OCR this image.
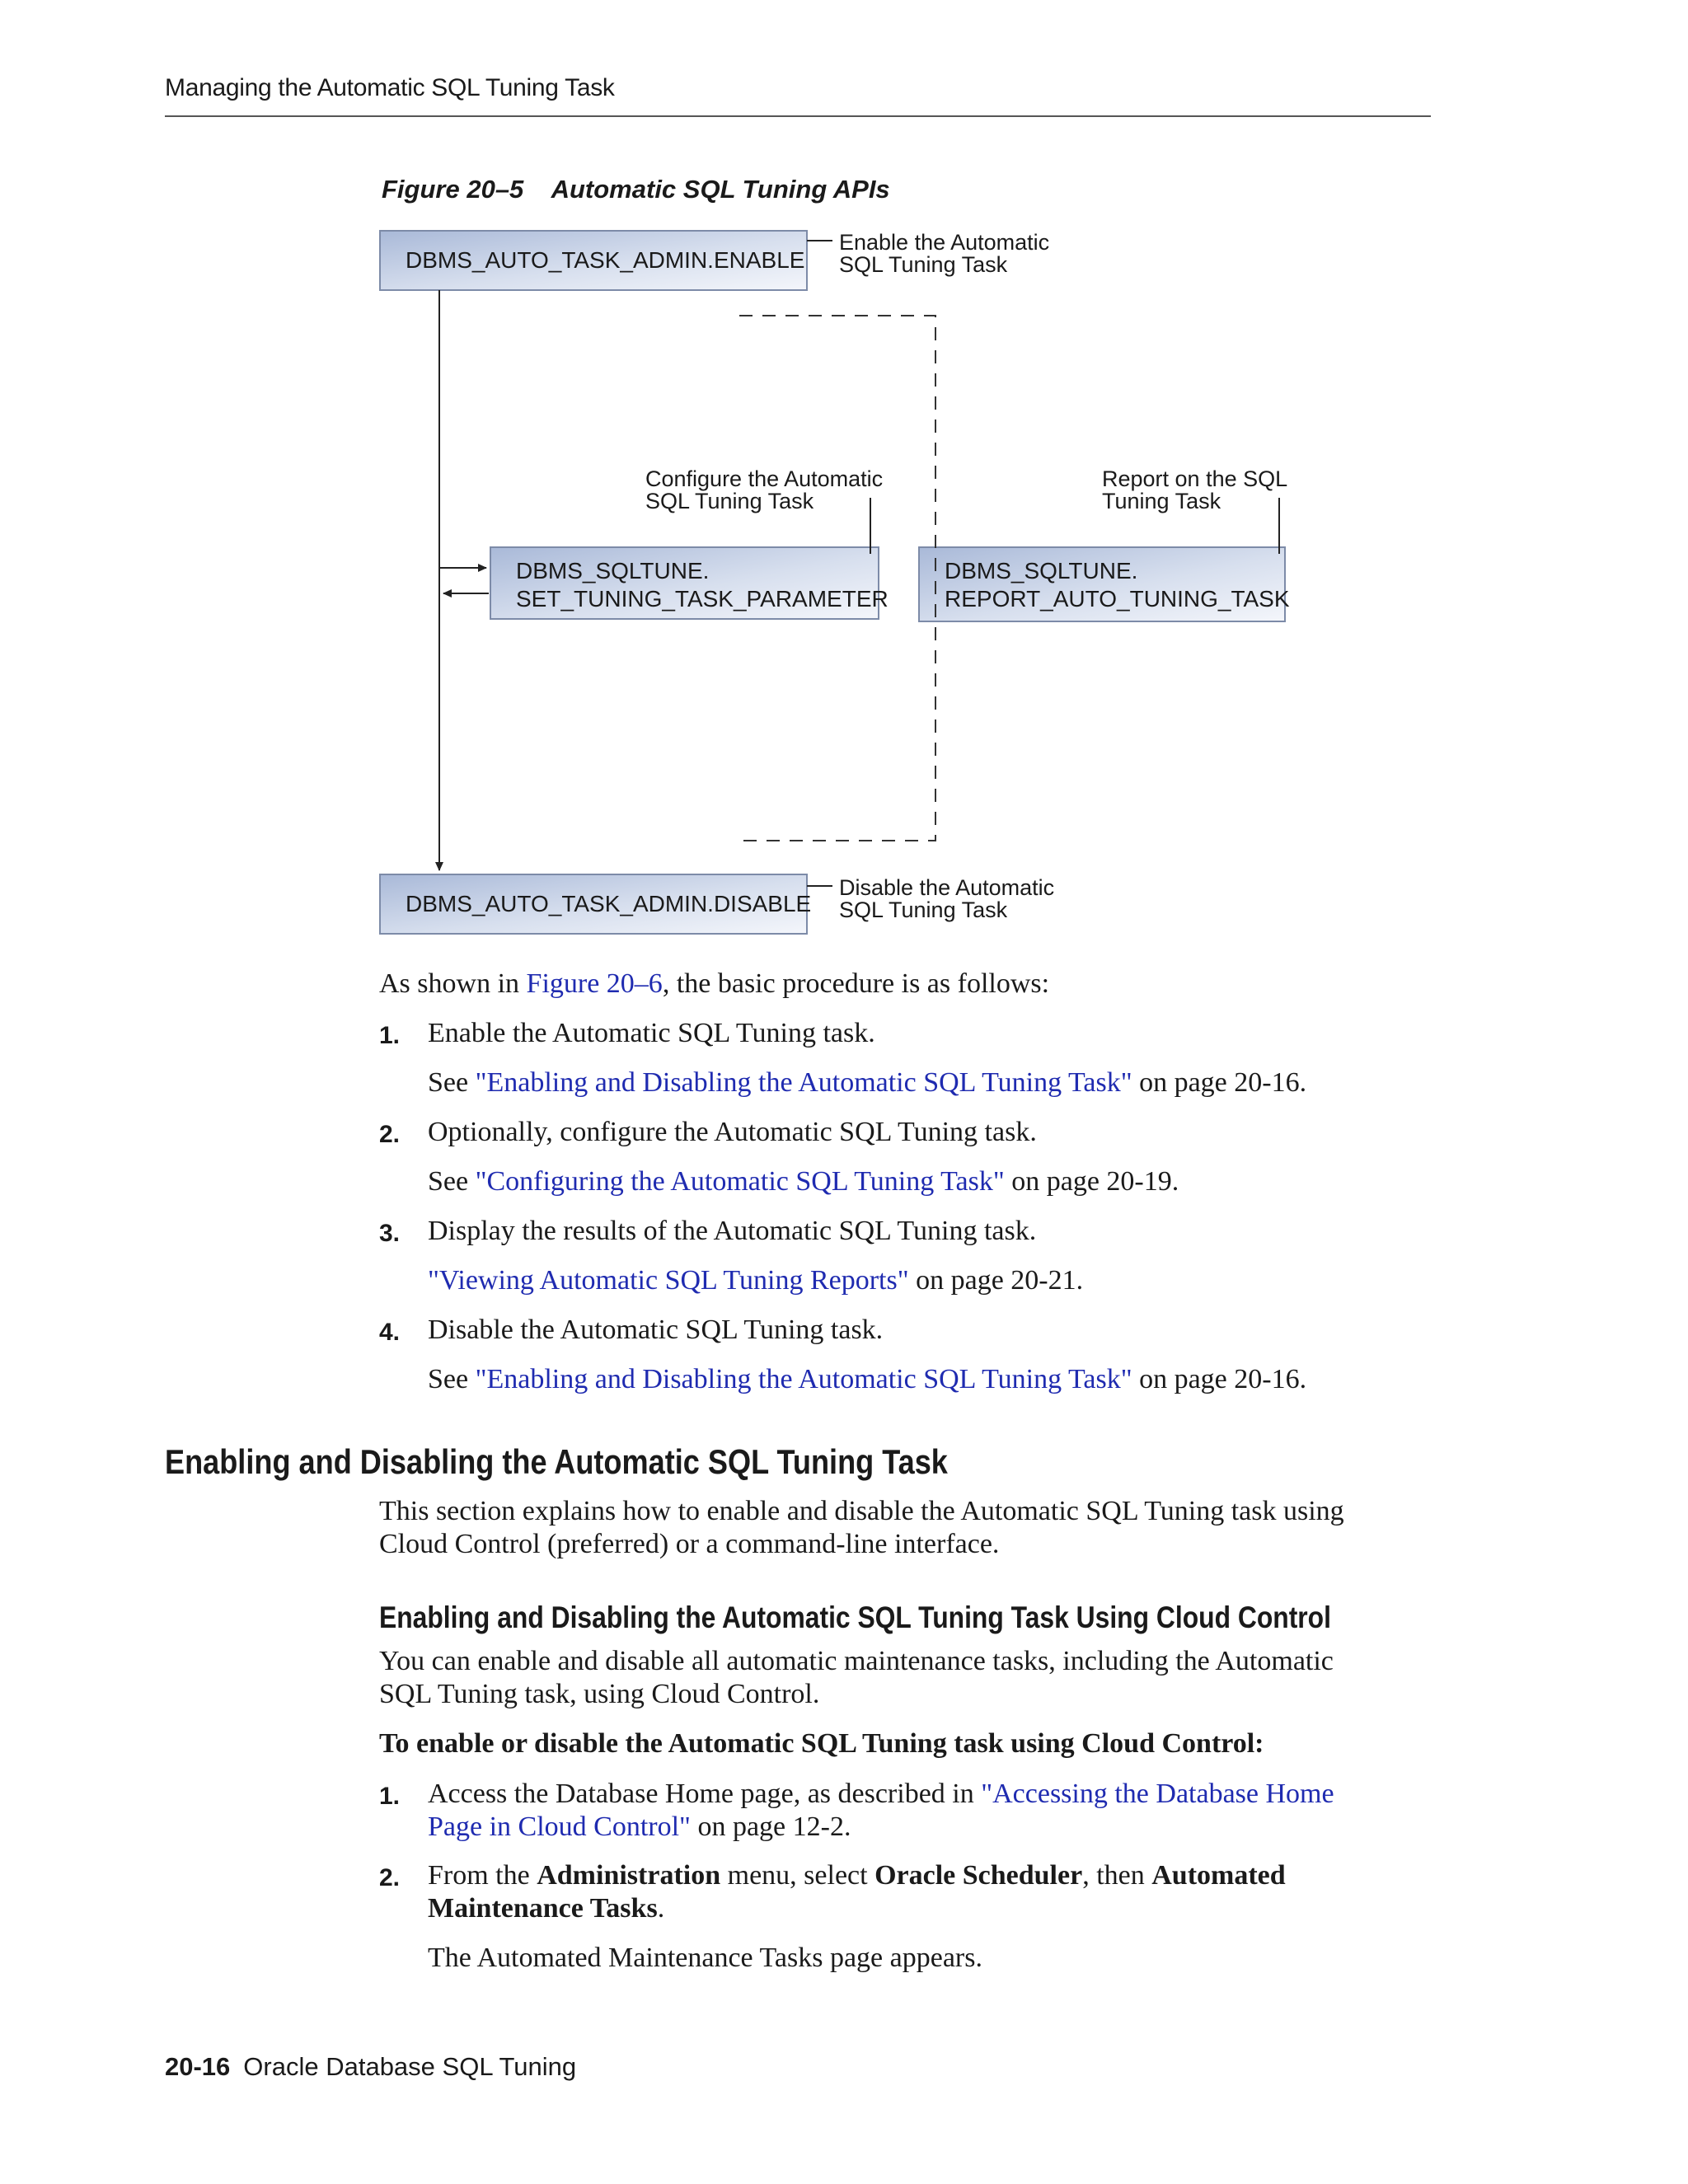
Managing the Automatic SQL Tuning Task
Figure 20–5    Automatic SQL Tuning APIs
DBMS_AUTO_TASK_ADMIN.ENABLE
DBMS_SQLTUNE.
SET_TUNING_TASK_PARAMETER
DBMS_SQLTUNE.
REPORT_AUTO_TUNING_TASK
DBMS_AUTO_TASK_ADMIN.DISABLE
Enable the Automatic
SQL Tuning Task
Configure the Automatic
SQL Tuning Task
Report on the SQL
Tuning Task
Disable the Automatic
SQL Tuning Task
As shown in Figure 20–6, the basic procedure is as follows:
1. Enable the Automatic SQL Tuning task.
See "Enabling and Disabling the Automatic SQL Tuning Task" on page 20-16.
2. Optionally, configure the Automatic SQL Tuning task.
See "Configuring the Automatic SQL Tuning Task" on page 20-19.
3. Display the results of the Automatic SQL Tuning task.
"Viewing Automatic SQL Tuning Reports" on page 20-21.
4. Disable the Automatic SQL Tuning task.
See "Enabling and Disabling the Automatic SQL Tuning Task" on page 20-16.
Enabling and Disabling the Automatic SQL Tuning Task
This section explains how to enable and disable the Automatic SQL Tuning task using
Cloud Control (preferred) or a command-line interface.
Enabling and Disabling the Automatic SQL Tuning Task Using Cloud Control
You can enable and disable all automatic maintenance tasks, including the Automatic
SQL Tuning task, using Cloud Control.
To enable or disable the Automatic SQL Tuning task using Cloud Control:
1. Access the Database Home page, as described in "Accessing the Database Home
Page in Cloud Control" on page 12-2.
2. From the Administration menu, select Oracle Scheduler, then Automated
Maintenance Tasks.
The Automated Maintenance Tasks page appears.
20-16 Oracle Database SQL Tuning
